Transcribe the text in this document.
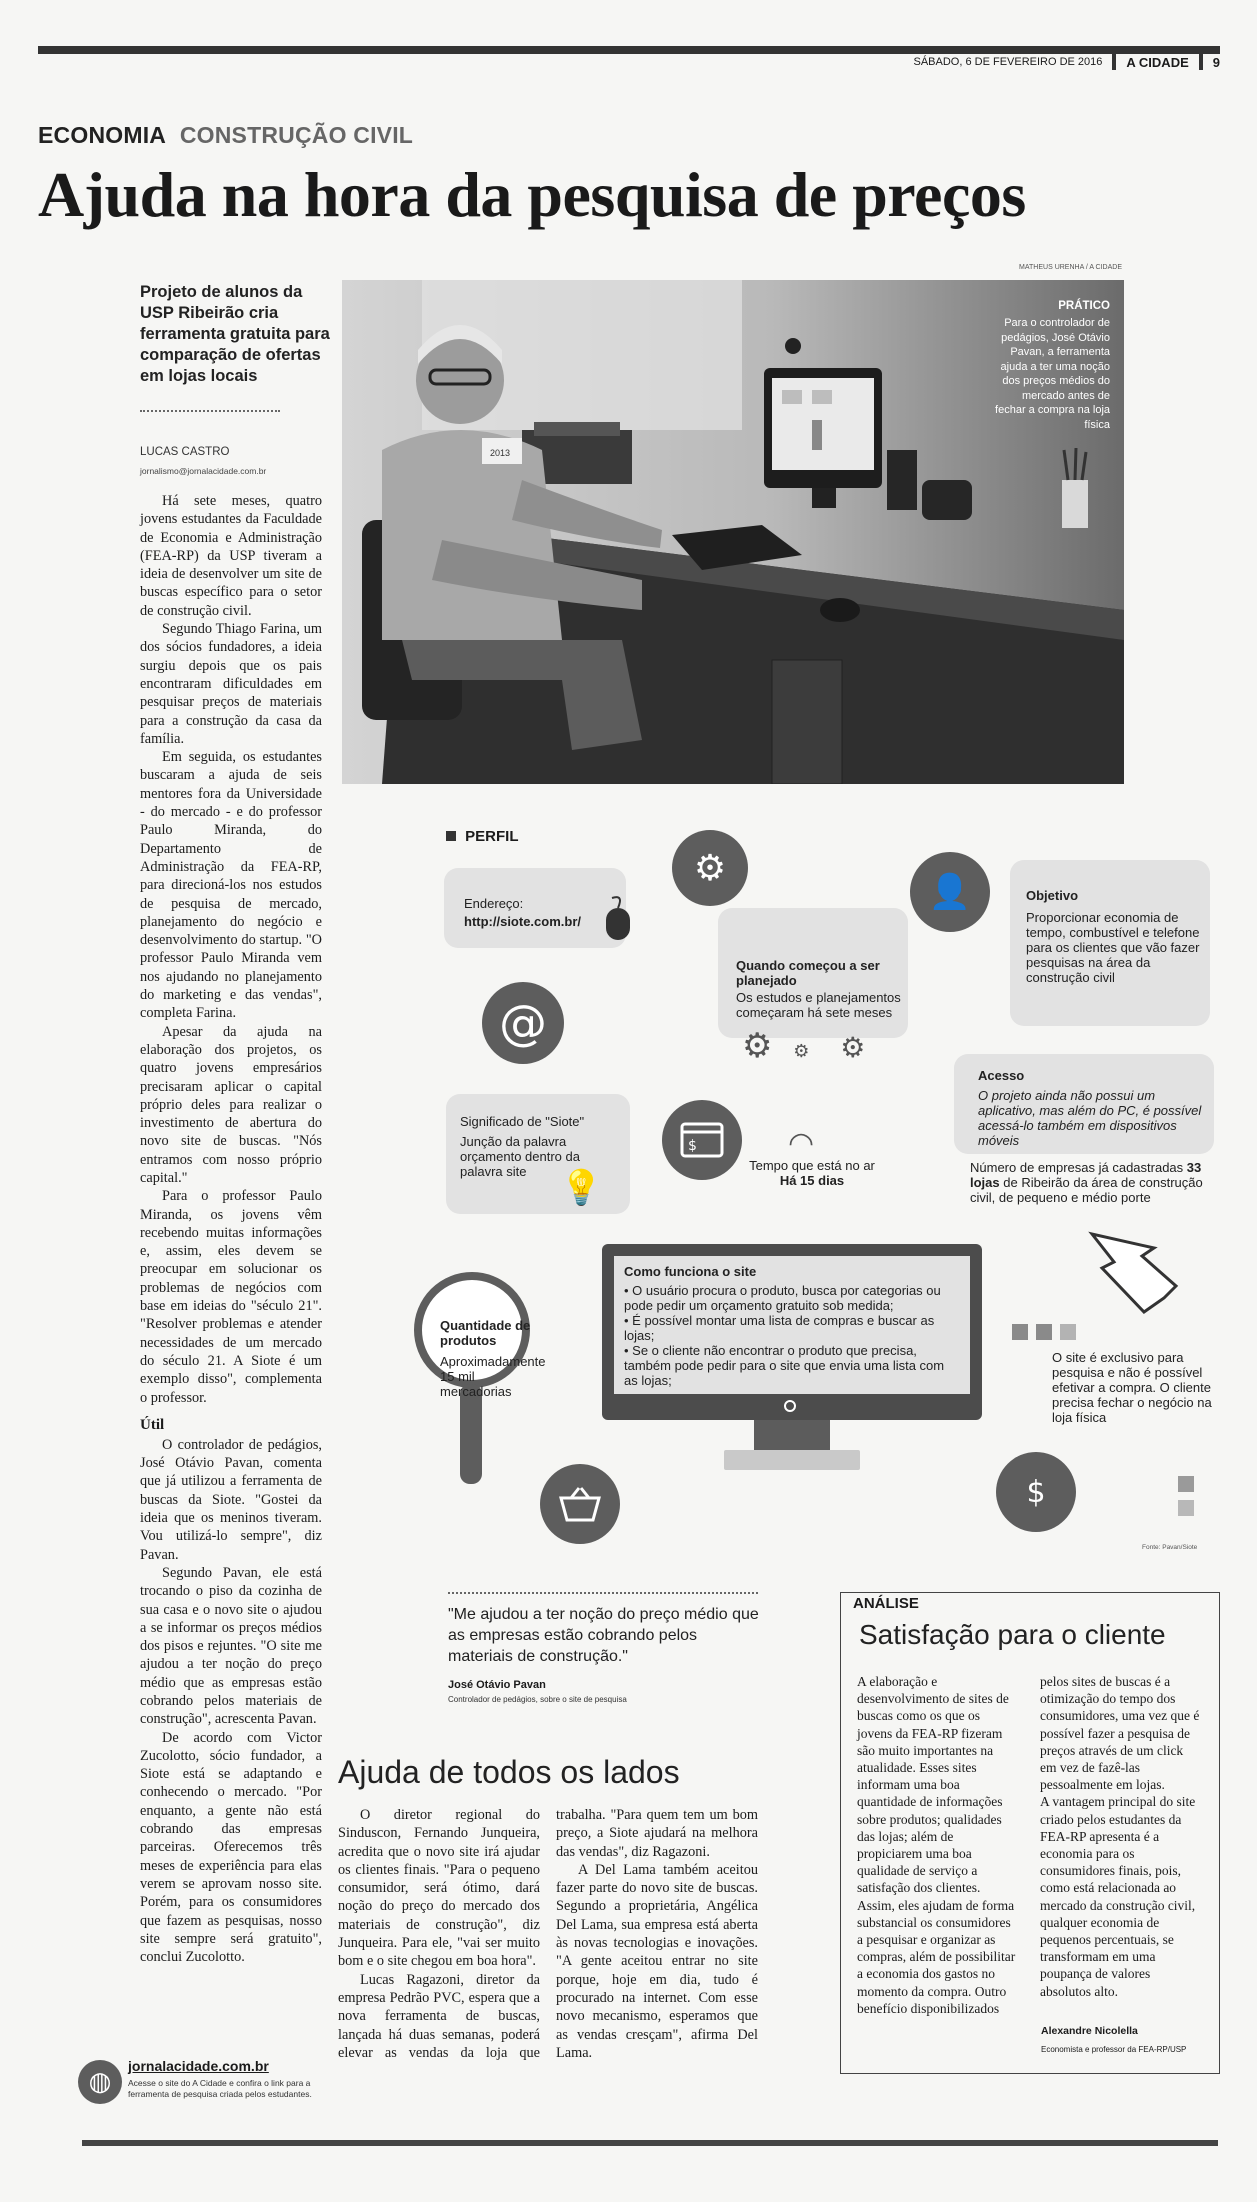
SÁBADO, 6 DE FEVEREIRO DE 2016 A CIDADE 9
ECONOMIA CONSTRUÇÃO CIVIL
Ajuda na hora da pesquisa de preços
Projeto de alunos da USP Ribeirão cria ferramenta gratuita para comparação de ofertas em lojas locais
LUCAS CASTRO
jornalismo@jornalacidade.com.br

Há sete meses, quatro jovens estudantes da Faculdade de Economia e Administração (FEA-RP) da USP tiveram a ideia de desenvolver um site de buscas específico para o setor de construção civil.

Segundo Thiago Farina, um dos sócios fundadores, a ideia surgiu depois que os pais encontraram dificuldades em pesquisar preços de materiais para a construção da casa da família.

Em seguida, os estudantes buscaram a ajuda de seis mentores fora da Universidade - do mercado - e do professor Paulo Miranda, do Departamento de Administração da FEA-RP, para direcioná-los nos estudos de pesquisa de mercado, planejamento do negócio e desenvolvimento do startup. "O professor Paulo Miranda vem nos ajudando no planejamento do marketing e das vendas", completa Farina.

Apesar da ajuda na elaboração dos projetos, os quatro jovens empresários precisaram aplicar o capital próprio deles para realizar o investimento de abertura do novo site de buscas. "Nós entramos com nosso próprio capital."

Para o professor Paulo Miranda, os jovens vêm recebendo muitas informações e, assim, eles devem se preocupar em solucionar os problemas de negócios com base em ideias do "século 21". "Resolver problemas e atender necessidades de um mercado do século 21. A Siote é um exemplo disso", complementa o professor.

Útil

O controlador de pedágios, José Otávio Pavan, comenta que já utilizou a ferramenta de buscas da Siote. "Gostei da ideia que os meninos tiveram. Vou utilizá-lo sempre", diz Pavan.

Segundo Pavan, ele está trocando o piso da cozinha de sua casa e o novo site o ajudou a se informar os preços médios dos pisos e rejuntes. "O site me ajudou a ter noção do preço médio que as empresas estão cobrando pelos materiais de construção", acrescenta Pavan.

De acordo com Victor Zucolotto, sócio fundador, a Siote está se adaptando e conhecendo o mercado. "Por enquanto, a gente não está cobrando das empresas parceiras. Oferecemos três meses de experiência para elas verem se aprovam nosso site. Porém, para os consumidores que fazem as pesquisas, nosso site sempre será gratuito", conclui Zucolotto.

◍
jornalacidade.com.br
Acesse o site do A Cidade e confira o link para a ferramenta de pesquisa criada pelos estudantes.
MATHEUS URENHA / A CIDADE
2013
PRÁTICO
Para o controlador de pedágios, José Otávio Pavan, a ferramenta ajuda a ter uma noção dos preços médios do mercado antes de fechar a compra na loja física
PERFIL
Endereço:
http://siote.com.br/
⚙
👤
Quando começou a ser planejado
Os estudos e planejamentos começaram há sete meses
Objetivo
Proporcionar economia de tempo, combustível e telefone para os clientes que vão fazer pesquisas na área da construção civil
@	⚙ ⚙ ⚙
Acesso
O projeto ainda não possui um aplicativo, mas além do PC, é possível acessá-lo também em dispositivos móveis
Significado de "Siote"
Junção da palavra orçamento dentro da palavra site 💡
$	◠
Tempo que está no ar
Há 15 dias
Número de empresas já cadastradas 33 lojas de Ribeirão da área de construção civil, de pequeno e médio porte
Quantidade de produtos
Aproximadamente 15 mil mercadorias
Como funciona o site
• O usuário procura o produto, busca por categorias ou pode pedir um orçamento gratuito sob medida;
• É possível montar uma lista de compras e buscar as lojas;
• Se o cliente não encontrar o produto que precisa, também pode pedir para o site que envia uma lista com as lojas;
O site é exclusivo para pesquisa e não é possível efetivar a compra. O cliente precisa fechar o negócio na loja física
$
Fonte: Pavan/Siote
"Me ajudou a ter noção do preço médio que as empresas estão cobrando pelos materiais de construção."
José Otávio Pavan
Controlador de pedágios, sobre o site de pesquisa
Ajuda de todos os lados

O diretor regional do Sinduscon, Fernando Junqueira, acredita que o novo site irá ajudar os clientes finais. "Para o pequeno consumidor, será ótimo, dará noção do preço do mercado dos materiais de construção", diz Junqueira. Para ele, "vai ser muito bom e o site chegou em boa hora".

Lucas Ragazoni, diretor da empresa Pedrão PVC, espera que a nova ferramenta de buscas, lançada há duas semanas, poderá elevar as vendas da loja que trabalha. "Para quem tem um bom preço, a Siote ajudará na melhora das vendas", diz Ragazoni.

A Del Lama também aceitou fazer parte do novo site de buscas. Segundo a proprietária, Angélica Del Lama, sua empresa está aberta às novas tecnologias e inovações. "A gente aceitou entrar no site porque, hoje em dia, tudo é procurado na internet. Com esse novo mecanismo, esperamos que as vendas cresçam", afirma Del Lama.

ANÁLISE
Satisfação para o cliente

A elaboração e desenvolvimento de sites de buscas como os que os jovens da FEA-RP fizeram são muito importantes na atualidade. Esses sites informam uma boa quantidade de informações sobre produtos; qualidades das lojas; além de propiciarem uma boa qualidade de serviço a satisfação dos clientes. Assim, eles ajudam de forma substancial os consumidores a pesquisar e organizar as compras, além de possibilitar a economia dos gastos no momento da compra. Outro benefício disponibilizados pelos sites de buscas é a otimização do tempo dos consumidores, uma vez que é possível fazer a pesquisa de preços através de um click em vez de fazê-las pessoalmente em lojas.

A vantagem principal do site criado pelos estudantes da FEA-RP apresenta é a economia para os consumidores finais, pois, como está relacionada ao mercado da construção civil, qualquer economia de pequenos percentuais, se transformam em uma poupança de valores absolutos alto.

Alexandre Nicolella
Economista e professor da FEA-RP/USP
